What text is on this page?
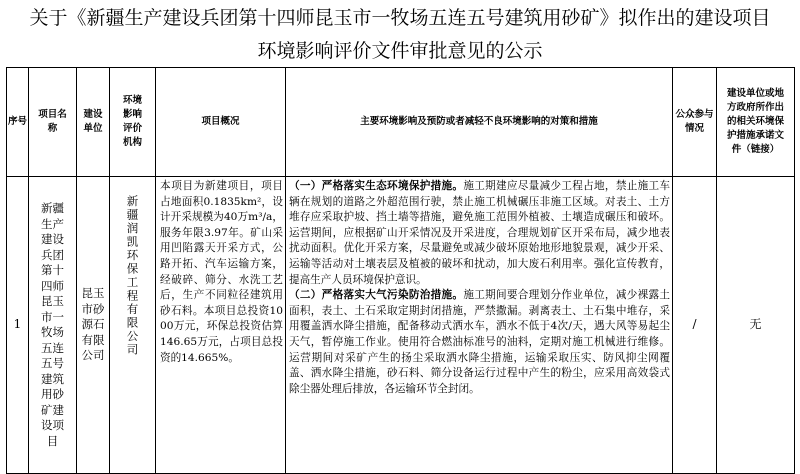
关于《新疆生产建设兵团第十四师昆玉市一牧场五连五号建筑用砂矿》拟作出的建设项目
环境影响评价文件审批意见的公示
序号	项目名称	建设单位	环境影响评价机构	项目概况	主要环境影响及预防或者减轻不良环境影响的对策和措施	公众参与情况	建设单位或地方政府所作出的相关环境保护措施承诺文件（链接）
1	新疆生产建设兵团第十四师昆玉市一牧场五连五号建筑用砂矿建设项目	昆玉市砂源石有限公司	新疆润凯环保工程有限公司	本项目为新建项目，项目占地面积0.1835km²，设计开采规模为40万m³/a，服务年限3.97年。矿山采用凹陷露天开采方式，公路开拓、汽车运输方案，经破碎、筛分、水洗工艺后，生产不同粒径建筑用砂石料。本项目总投资1000万元，环保总投资估算146.65万元，占项目总投资的14.665%。	（一）严格落实生态环境保护措施。施工期建应尽量减少工程占地，禁止施工车辆在规划的道路之外超范围行驶，禁止施工机械碾压非施工区域。对表土、土方堆存应采取护坡、挡土墙等措施，避免施工范围外植被、土壤造成碾压和破坏。运营期间，应根据矿山开采情况及开采进度，合理规划矿区开采布局，减少地表扰动面积。优化开采方案，尽量避免或减少破坏原始地形地貌景观，减少开采、运输等活动对土壤表层及植被的破坏和扰动，加大废石利用率。强化宣传教育，提高生产人员环境保护意识。
（二）严格落实大气污染防治措施。施工期间要合理划分作业单位，减少裸露土面积，表土、土石采取定期封闭措施，严禁撒漏。剥离表土、土石集中堆存，采用覆盖洒水降尘措施，配备移动式洒水车，洒水不低于4次/天，遇大风等易起尘天气，暂停施工作业。使用符合燃油标准号的油料，定期对施工机械进行维修。运营期间对采矿产生的扬尘采取洒水降尘措施，运输采取压实、防风抑尘网覆盖、洒水降尘措施，砂石料、筛分设备运行过程中产生的粉尘，应采用高效袋式除尘器处理后排放，各运输环节全封闭。	/	无
